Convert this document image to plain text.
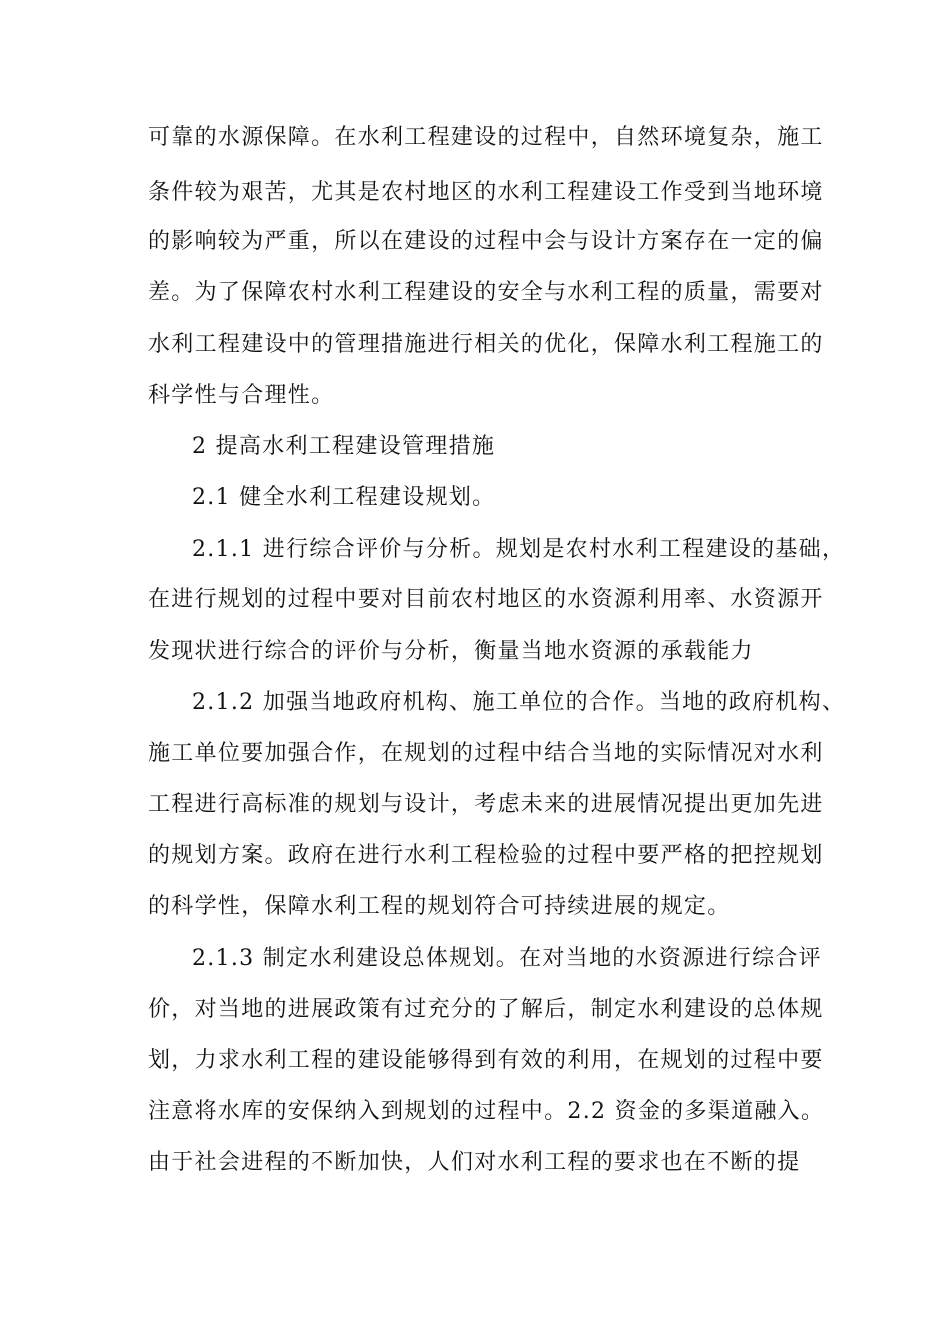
可靠的水源保障。在水利工程建设的过程中，自然环境复杂，施工
条件较为艰苦，尤其是农村地区的水利工程建设工作受到当地环境
的影响较为严重，所以在建设的过程中会与设计方案存在一定的偏
差。为了保障农村水利工程建设的安全与水利工程的质量，需要对
水利工程建设中的管理措施进行相关的优化，保障水利工程施工的
科学性与合理性。
2 提高水利工程建设管理措施
2.1 健全水利工程建设规划。
2.1.1 进行综合评价与分析。规划是农村水利工程建设的基础，
在进行规划的过程中要对目前农村地区的水资源利用率、水资源开
发现状进行综合的评价与分析，衡量当地水资源的承载能力
2.1.2 加强当地政府机构、施工单位的合作。当地的政府机构、
施工单位要加强合作，在规划的过程中结合当地的实际情况对水利
工程进行高标准的规划与设计，考虑未来的进展情况提出更加先进
的规划方案。政府在进行水利工程检验的过程中要严格的把控规划
的科学性，保障水利工程的规划符合可持续进展的规定。
2.1.3 制定水利建设总体规划。在对当地的水资源进行综合评
价，对当地的进展政策有过充分的了解后，制定水利建设的总体规
划，力求水利工程的建设能够得到有效的利用，在规划的过程中要
注意将水库的安保纳入到规划的过程中。2.2 资金的多渠道融入。
由于社会进程的不断加快，人们对水利工程的要求也在不断的提
